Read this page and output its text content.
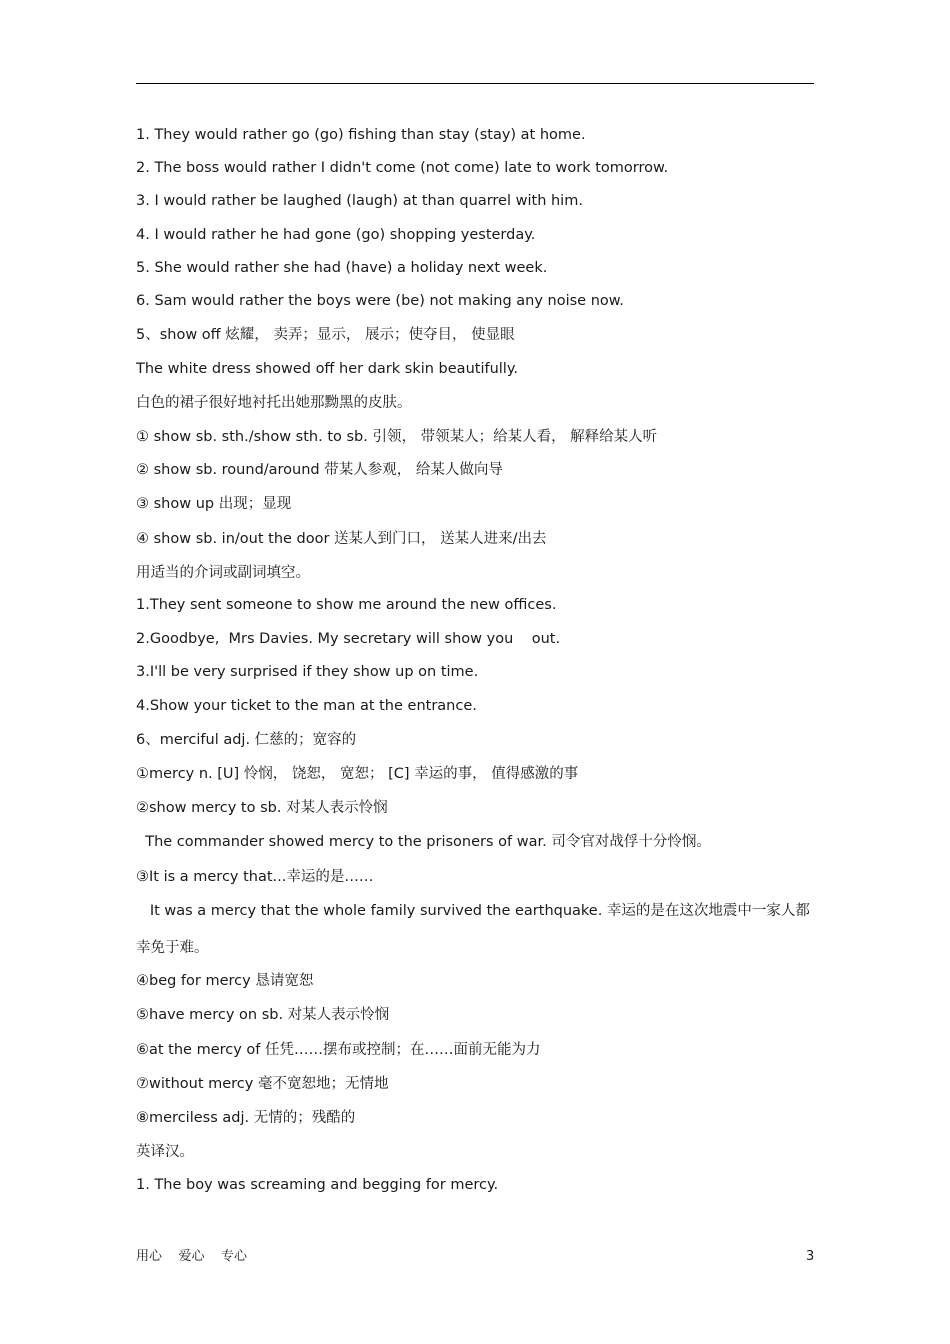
1. They would rather go (go) fishing than stay (stay) at home.
2. The boss would rather I didn't come (not come) late to work tomorrow.
3. I would rather be laughed (laugh) at than quarrel with him.
4. I would rather he had gone (go) shopping yesterday.
5. She would rather she had (have) a holiday next week.
6. Sam would rather the boys were (be) not making any noise now.
5、show off 炫耀， 卖弄；显示， 展示；使夺目， 使显眼
The white dress showed off her dark skin beautifully.
白色的裙子很好地衬托出她那黝黑的皮肤。
① show sb. sth./show sth. to sb. 引领， 带领某人；给某人看， 解释给某人听
② show sb. round/around 带某人参观， 给某人做向导
③ show up 出现；显现
④ show sb. in/out the door 送某人到门口， 送某人进来/出去
用适当的介词或副词填空。
1.They sent someone to show me around the new offices.
2.Goodbye,  Mrs Davies. My secretary will show you    out.
3.I'll be very surprised if they show up on time.
4.Show your ticket to the man at the entrance.
6、merciful adj. 仁慈的；宽容的
①mercy n. [U] 怜悯， 饶恕， 宽恕； [C] 幸运的事， 值得感激的事
②show mercy to sb. 对某人表示怜悯
The commander showed mercy to the prisoners of war. 司令官对战俘十分怜悯。
③It is a mercy that...幸运的是……
It was a mercy that the whole family survived the earthquake. 幸运的是在这次地震中一家人都
幸免于难。
④beg for mercy 恳请宽恕
⑤have mercy on sb. 对某人表示怜悯
⑥at the mercy of 任凭……摆布或控制；在……面前无能为力
⑦without mercy 毫不宽恕地；无情地
⑧merciless adj. 无情的；残酷的
英译汉。
1. The boy was screaming and begging for mercy.
用心    爱心    专心	3
